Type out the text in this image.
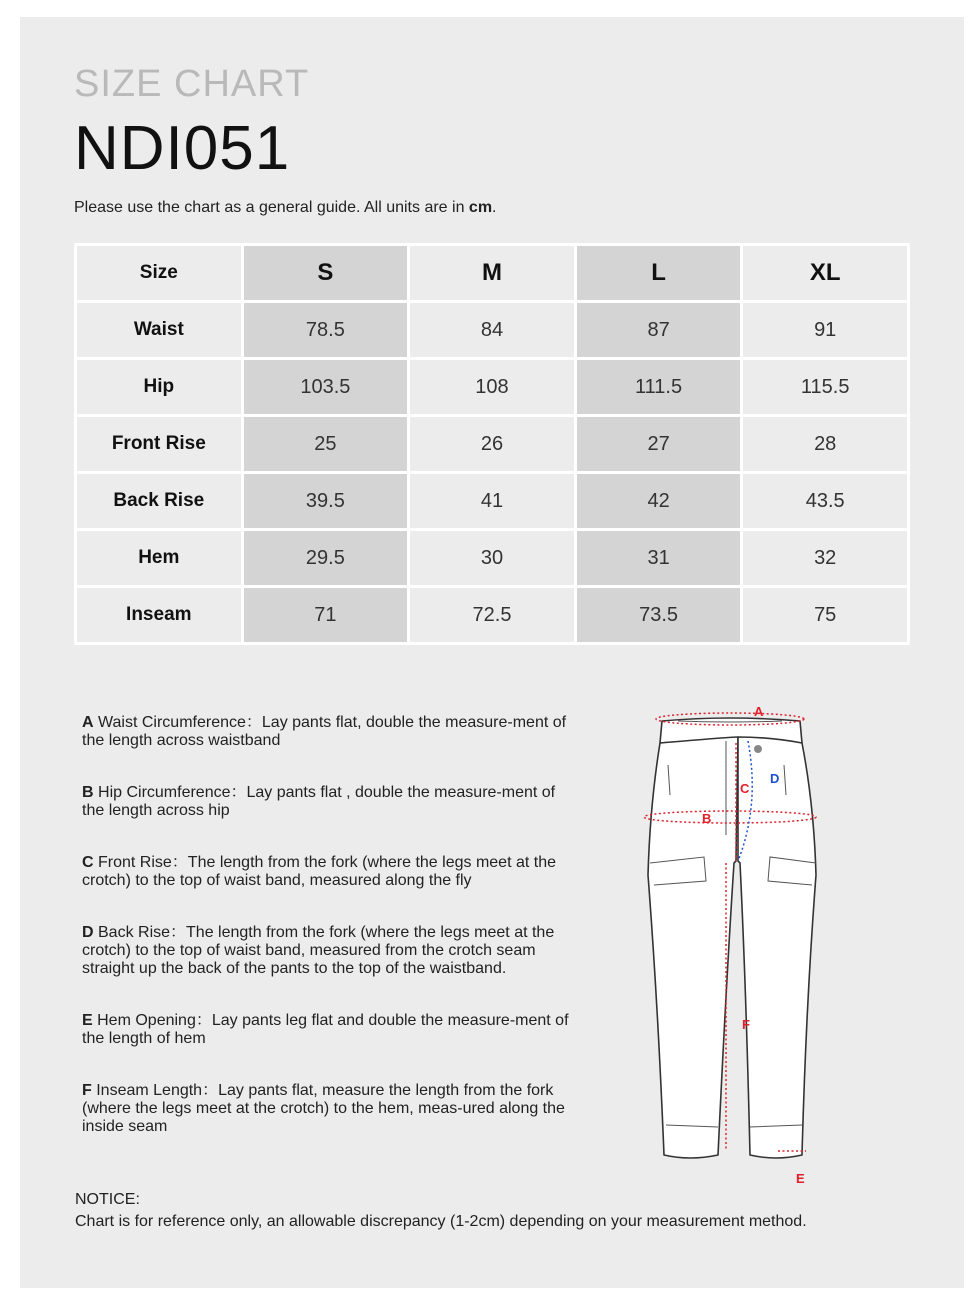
SIZE CHART
NDI051
Please use the chart as a general guide. All units are in cm.
Size	S	M	L	XL
Waist	78.5	84	87	91
Hip	103.5	108	111.5	115.5
Front Rise	25	26	27	28
Back Rise	39.5	41	42	43.5
Hem	29.5	30	31	32
Inseam	71	72.5	73.5	75

A Waist Circumference：Lay pants flat, double the measure-ment of the length across waistband

B Hip Circumference：Lay pants flat , double the measure-ment of the length across hip

C Front Rise：The length from the fork (where the legs meet at the crotch) to the top of waist band, measured along the fly

D Back Rise：The length from the fork (where the legs meet at the crotch) to the top of waist band, measured from the crotch seam straight up the back of the pants to the top of the waistband.

E Hem Opening：Lay pants leg flat and double the measure-ment of the length of hem

F Inseam Length：Lay pants flat, measure the length from the fork (where the legs meet at the crotch) to the hem, meas-ured along the inside seam

A
B
C
D
E
F
NOTICE:
Chart is for reference only, an allowable discrepancy (1-2cm) depending on your measurement method.
